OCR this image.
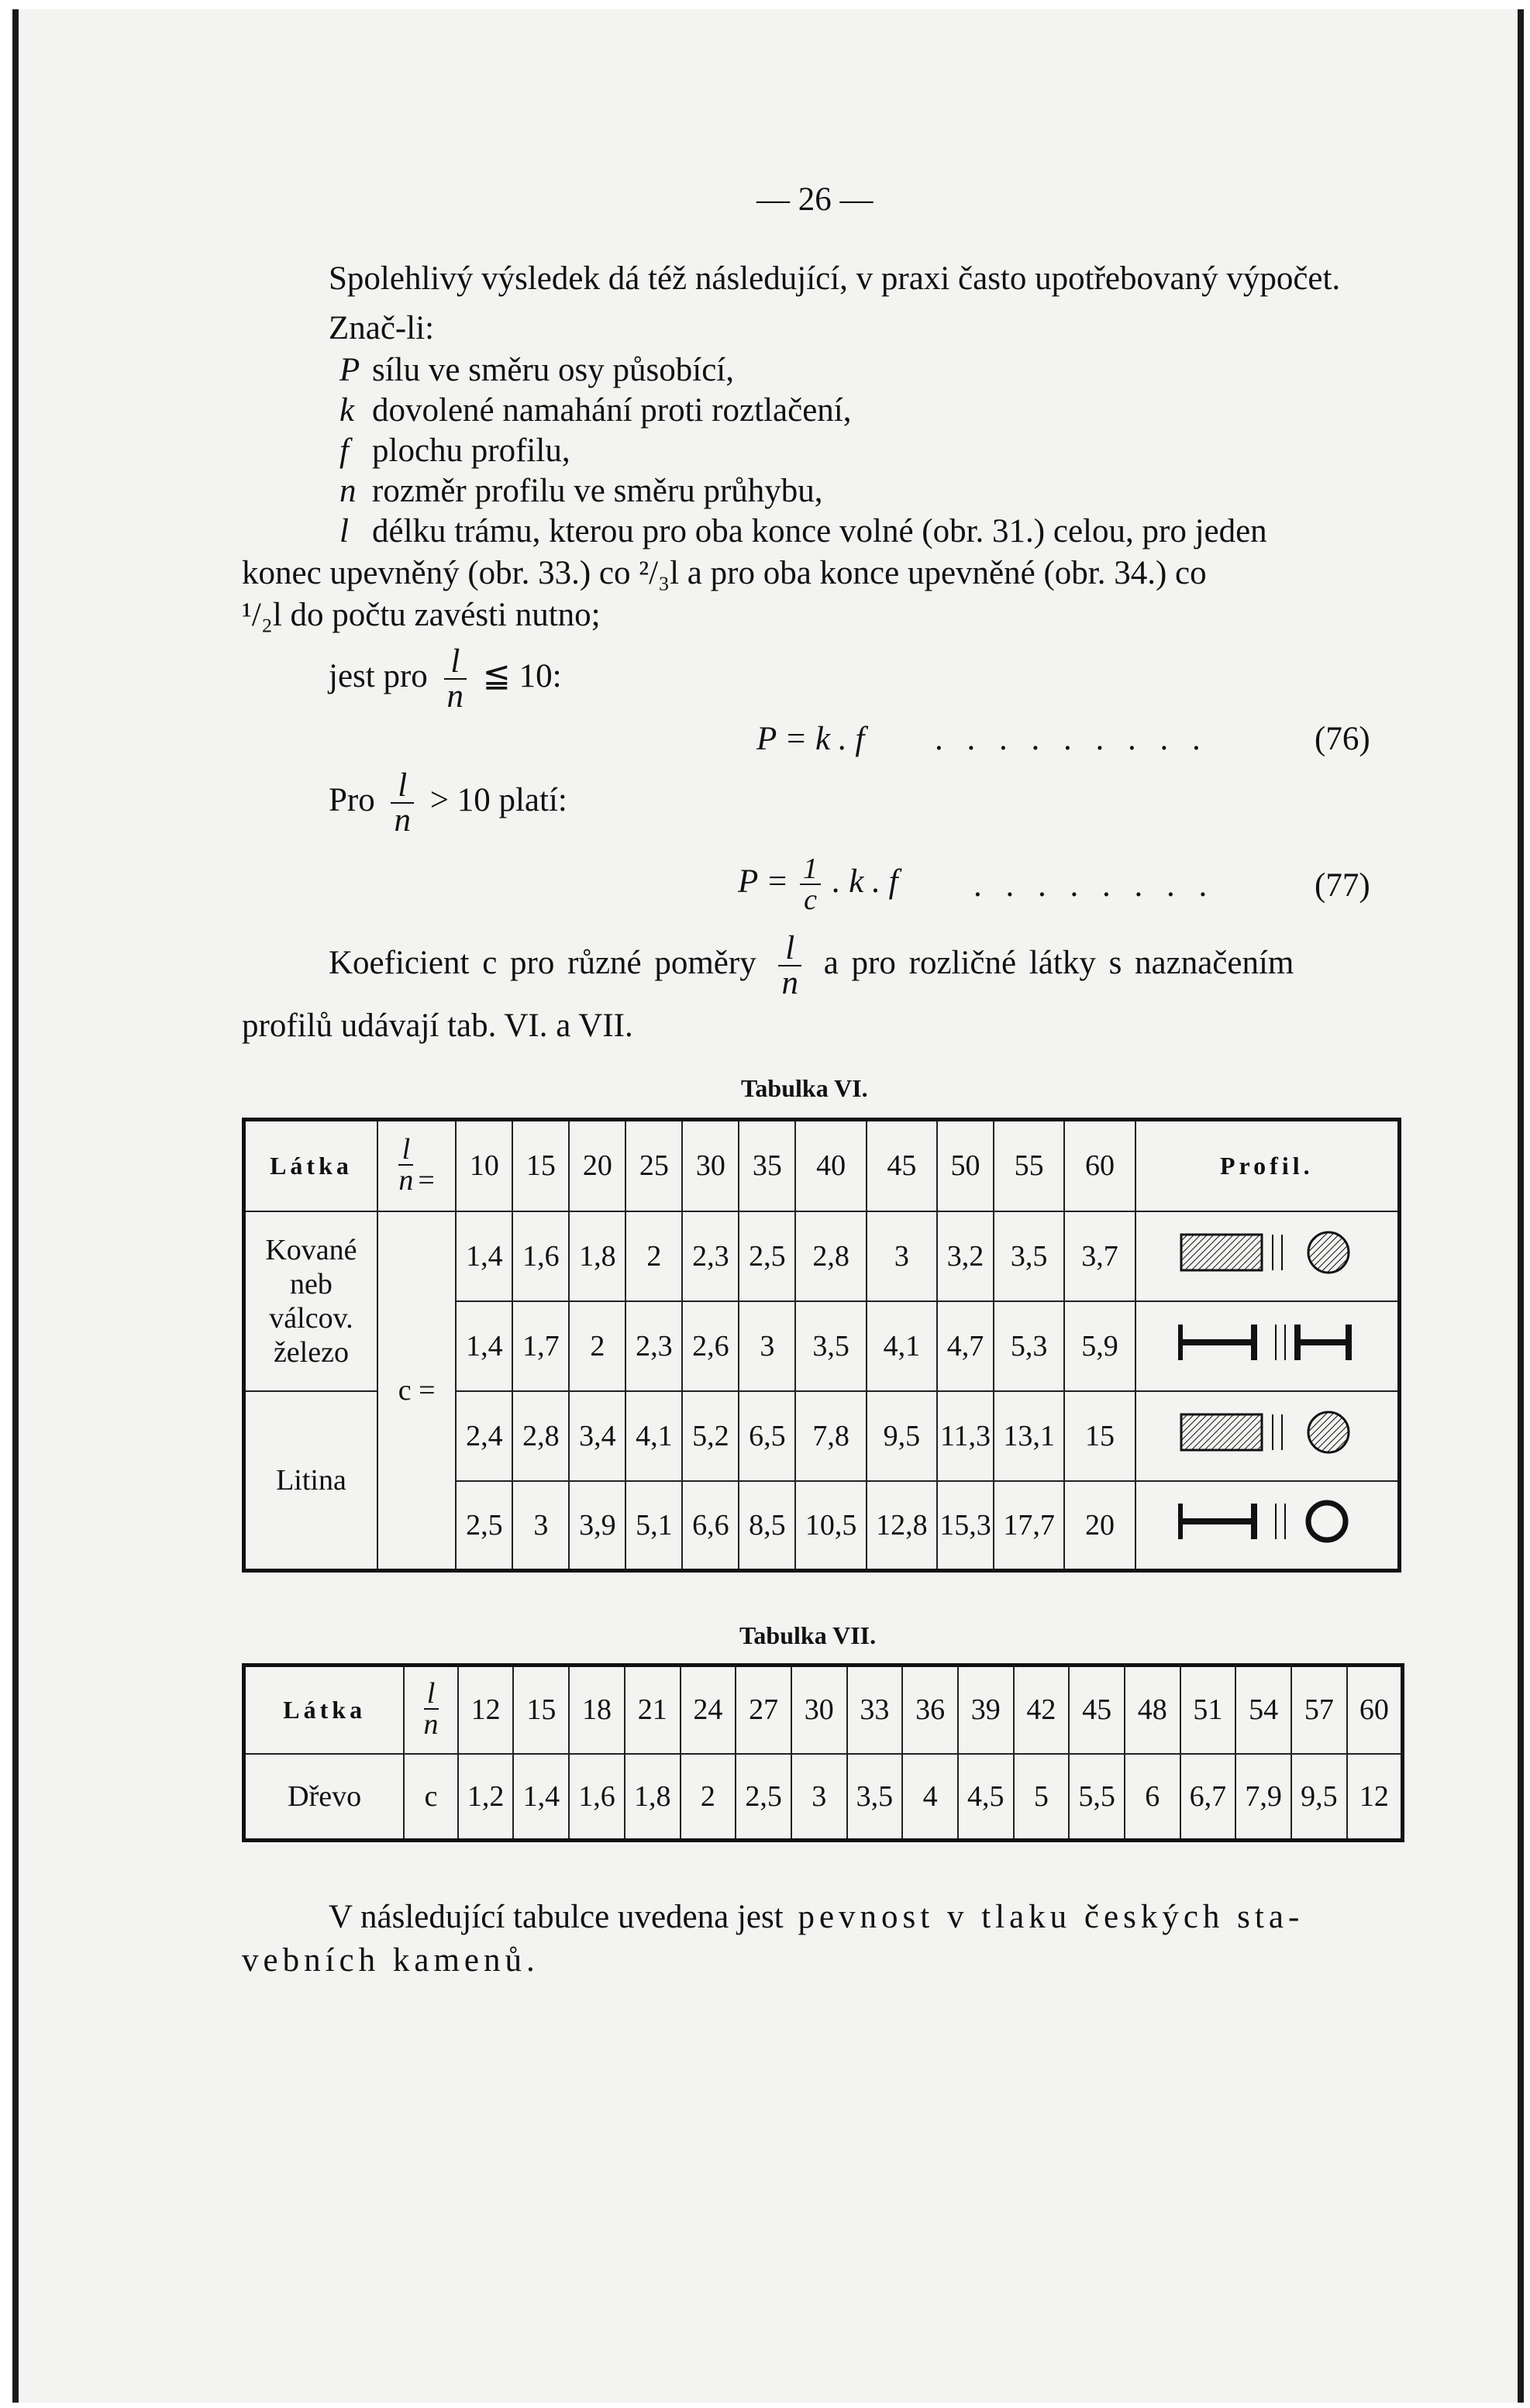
— 26 —
Spolehlivý výsledek dá též následující, v praxi často upotřebovaný výpočet.
Znač-li:
P sílu ve směru osy působící,
k dovolené namahání proti roztlačení,
f plochu profilu,
n rozměr profilu ve směru průhybu,
l délku trámu, kterou pro oba konce volné (obr. 31.) celou, pro jeden
konec upevněný (obr. 33.) co ²/₃l a pro oba konce upevněné (obr. 34.) co
¹/₂l do počtu zavésti nutno;
jest pro $\frac{l}{n}$ ≦ 10:
P = k . f . . . . . . . . .	(76)
Pro $\frac{l}{n} > 10$ platí:
$P = \frac{1}{c}$ . k . f . . . . . . . .	(77)
Koeficient c pro různé poměry $\frac{l}{n}$ a pro rozličné látky s naznačením
profilů udávají tab. VI. a VII.
Tabulka VI.
Látka	$\frac{l}{n}$ =	10	15	20	25	30	35	40	45	50	55	60	Profil.

Kované
neb
válcov.
železo	c =	1,4	1,6	1,8	2	2,3	2,5	2,8	3	3,2	3,5	3,7	
		1,4	1,7	2	2,3	2,6	3	3,5	4,1	4,7	5,3	5,9	

Litina		2,4	2,8	3,4	4,1	5,2	6,5	7,8	9,5	11,3	13,1	15	
		2,5	3	3,9	5,1	6,6	8,5	10,5	12,8	15,3	17,7	20	
Tabulka VII.
Látka	$\frac{l}{n}$	12	15	18	21	24	27	30	33	36	39	42	45	48	51	54	57	60
Dřevo	c	1,2	1,4	1,6	1,8	2	2,5	3	3,5	4	4,5	5	5,5	6	6,7	7,9	9,5	12
V následující tabulce uvedena jest pevnost v tlaku českých sta-
vebních kamenů.
